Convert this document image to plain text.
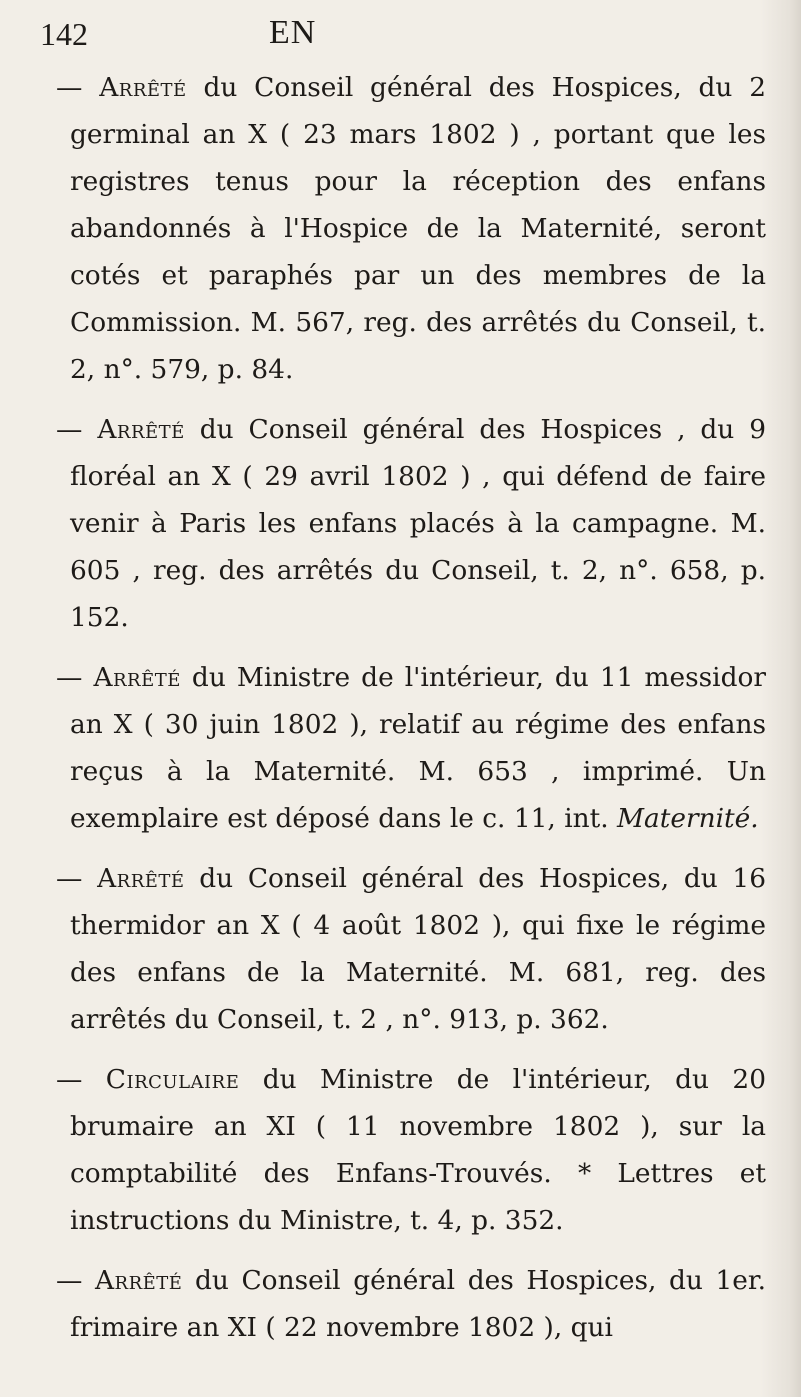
142	EN

— Arrêté du Conseil général des Hospices, du 2 germinal an X ( 23 mars 1802 ) , portant que les registres tenus pour la réception des enfans abandonnés à l'Hospice de la Maternité, seront cotés et paraphés par un des membres de la Commission. M. 567, reg. des arrêtés du Conseil, t. 2, n°. 579, p. 84.

— Arrêté du Conseil général des Hospices , du 9 floréal an X ( 29 avril 1802 ) , qui défend de faire venir à Paris les enfans placés à la campagne. M. 605 , reg. des arrêtés du Conseil, t. 2, n°. 658, p. 152.

— Arrêté du Ministre de l'intérieur, du 11 messidor an X ( 30 juin 1802 ), relatif au régime des enfans reçus à la Maternité. M. 653 , imprimé. Un exemplaire est déposé dans le c. 11, int. Maternité.

— Arrêté du Conseil général des Hospices, du 16 thermidor an X ( 4 août 1802 ), qui fixe le régime des enfans de la Maternité. M. 681, reg. des arrêtés du Conseil, t. 2 , n°. 913, p. 362.

— Circulaire du Ministre de l'intérieur, du 20 brumaire an XI ( 11 novembre 1802 ), sur la comptabilité des Enfans-Trouvés. * Lettres et instructions du Ministre, t. 4, p. 352.

— Arrêté du Conseil général des Hospices, du 1er. frimaire an XI ( 22 novembre 1802 ), qui
